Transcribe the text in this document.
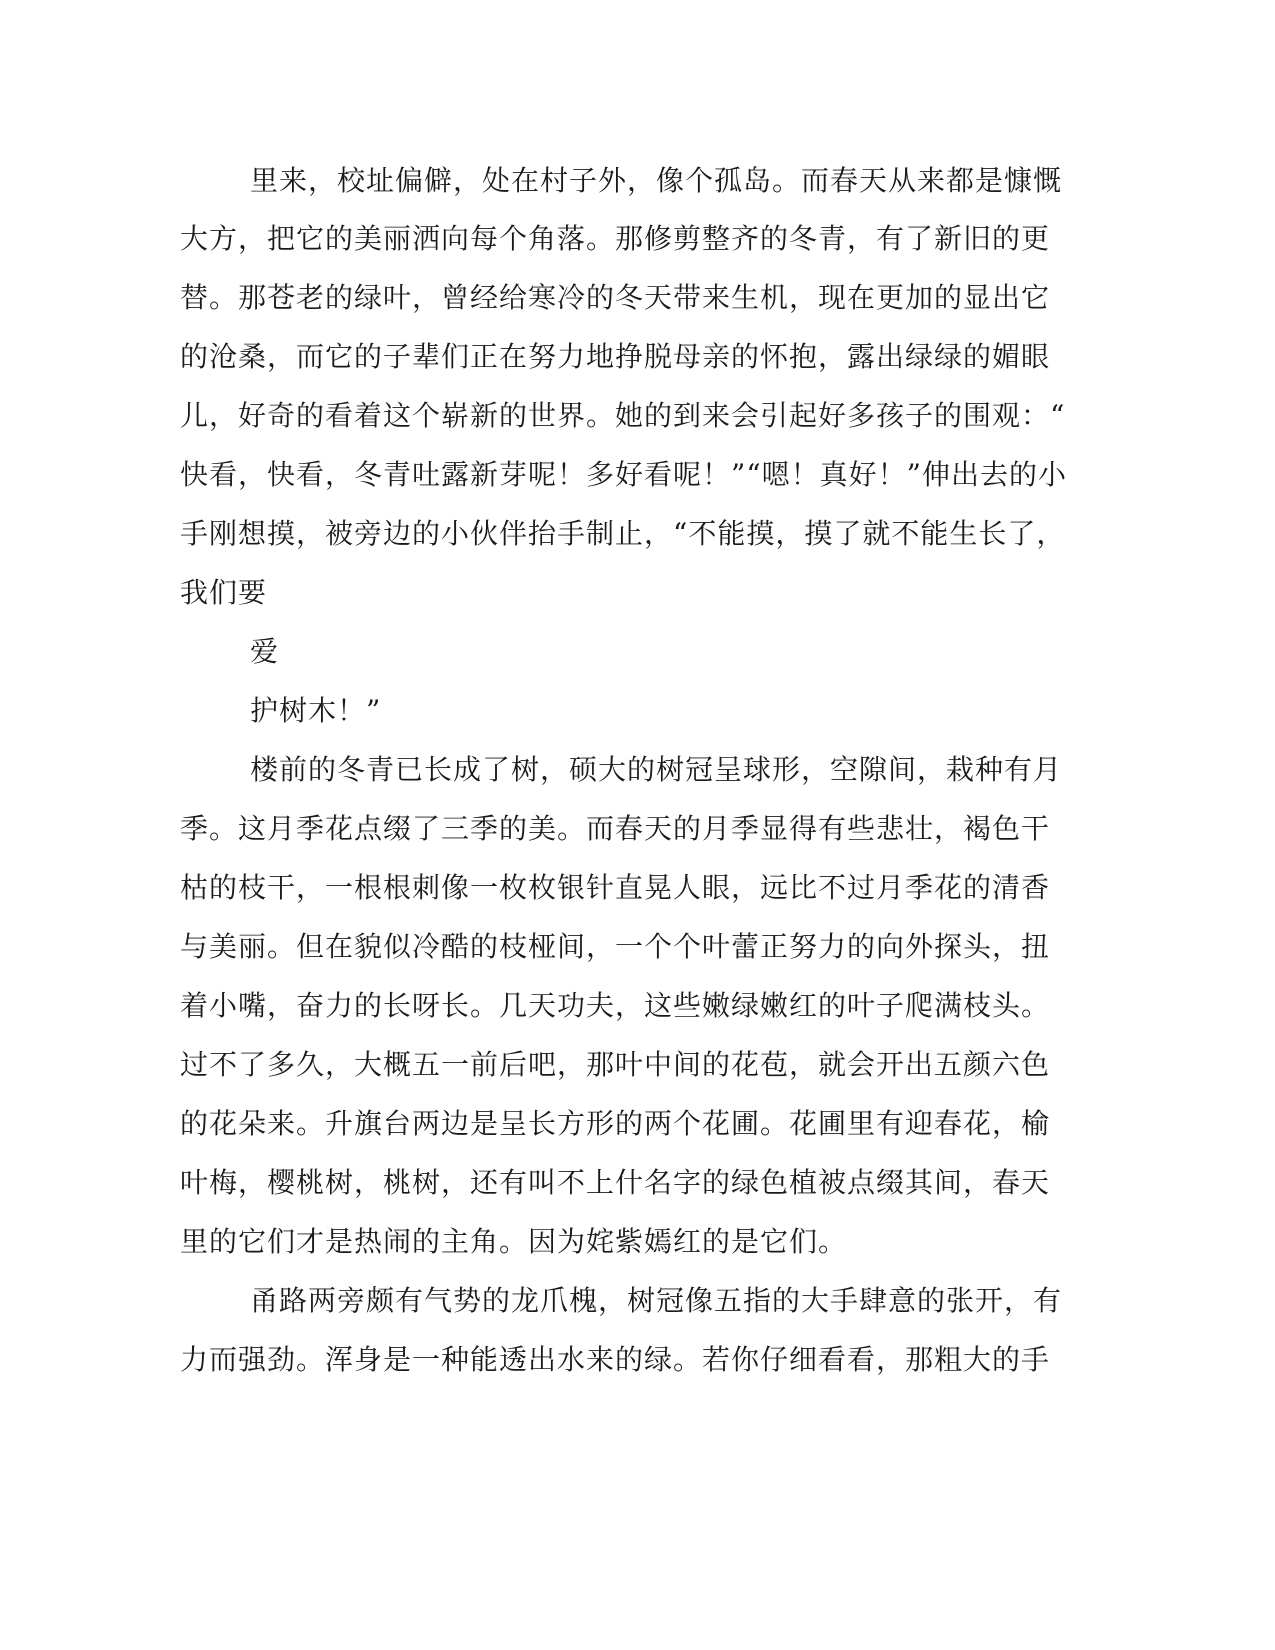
里来，校址偏僻，处在村子外，像个孤岛。而春天从来都是慷慨
大方，把它的美丽洒向每个角落。那修剪整齐的冬青，有了新旧的更
替。那苍老的绿叶，曾经给寒冷的冬天带来生机，现在更加的显出它
的沧桑，而它的子辈们正在努力地挣脱母亲的怀抱，露出绿绿的媚眼
儿，好奇的看着这个崭新的世界。她的到来会引起好多孩子的围观：“
快看，快看，冬青吐露新芽呢！多好看呢！”“嗯！真好！”伸出去的小
手刚想摸，被旁边的小伙伴抬手制止，“不能摸，摸了就不能生长了，
我们要
爱
护树木！”
楼前的冬青已长成了树，硕大的树冠呈球形，空隙间，栽种有月
季。这月季花点缀了三季的美。而春天的月季显得有些悲壮，褐色干
枯的枝干，一根根刺像一枚枚银针直晃人眼，远比不过月季花的清香
与美丽。但在貌似冷酷的枝桠间，一个个叶蕾正努力的向外探头，扭
着小嘴，奋力的长呀长。几天功夫，这些嫩绿嫩红的叶子爬满枝头。
过不了多久，大概五一前后吧，那叶中间的花苞，就会开出五颜六色
的花朵来。升旗台两边是呈长方形的两个花圃。花圃里有迎春花，榆
叶梅，樱桃树，桃树，还有叫不上什名字的绿色植被点缀其间，春天
里的它们才是热闹的主角。因为姹紫嫣红的是它们。
甬路两旁颇有气势的龙爪槐，树冠像五指的大手肆意的张开，有
力而强劲。浑身是一种能透出水来的绿。若你仔细看看，那粗大的手
